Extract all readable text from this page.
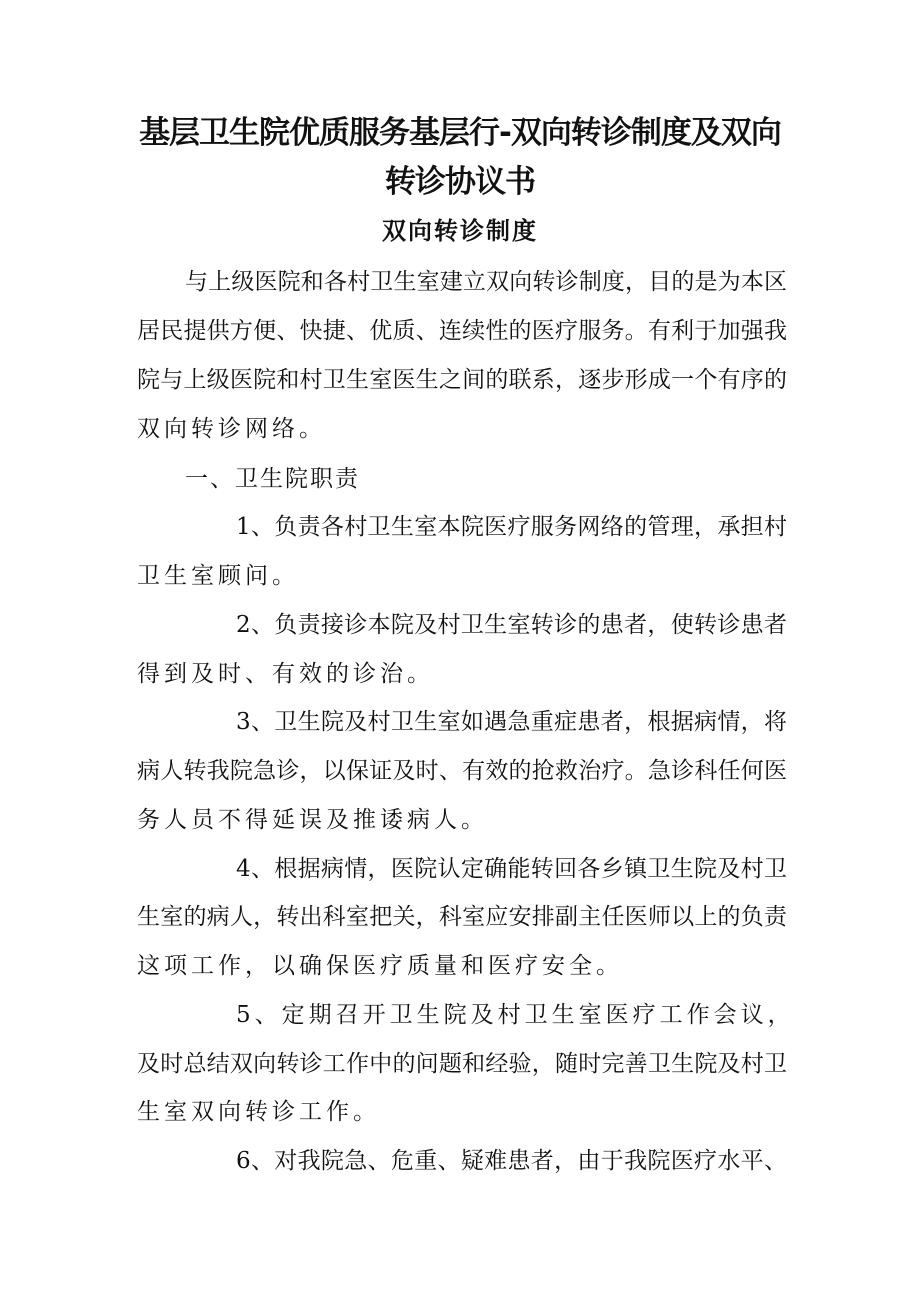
基层卫生院优质服务基层行-双向转诊制度及双向
转诊协议书
双向转诊制度

与上级医院和各村卫生室建立双向转诊制度，目的是为本区

居民提供方便、快捷、优质、连续性的医疗服务。有利于加强我

院与上级医院和村卫生室医生之间的联系，逐步形成一个有序的

双向转诊网络。

一、卫生院职责

1、负责各村卫生室本院医疗服务网络的管理，承担村

卫生室顾问。

2、负责接诊本院及村卫生室转诊的患者，使转诊患者

得到及时、有效的诊治。

3、卫生院及村卫生室如遇急重症患者，根据病情，将

病人转我院急诊，以保证及时、有效的抢救治疗。急诊科任何医

务人员不得延误及推诿病人。

4、根据病情，医院认定确能转回各乡镇卫生院及村卫

生室的病人，转出科室把关，科室应安排副主任医师以上的负责

这项工作，以确保医疗质量和医疗安全。

5、定期召开卫生院及村卫生室医疗工作会议，

及时总结双向转诊工作中的问题和经验，随时完善卫生院及村卫

生室双向转诊工作。

6、对我院急、危重、疑难患者，由于我院医疗水平、
